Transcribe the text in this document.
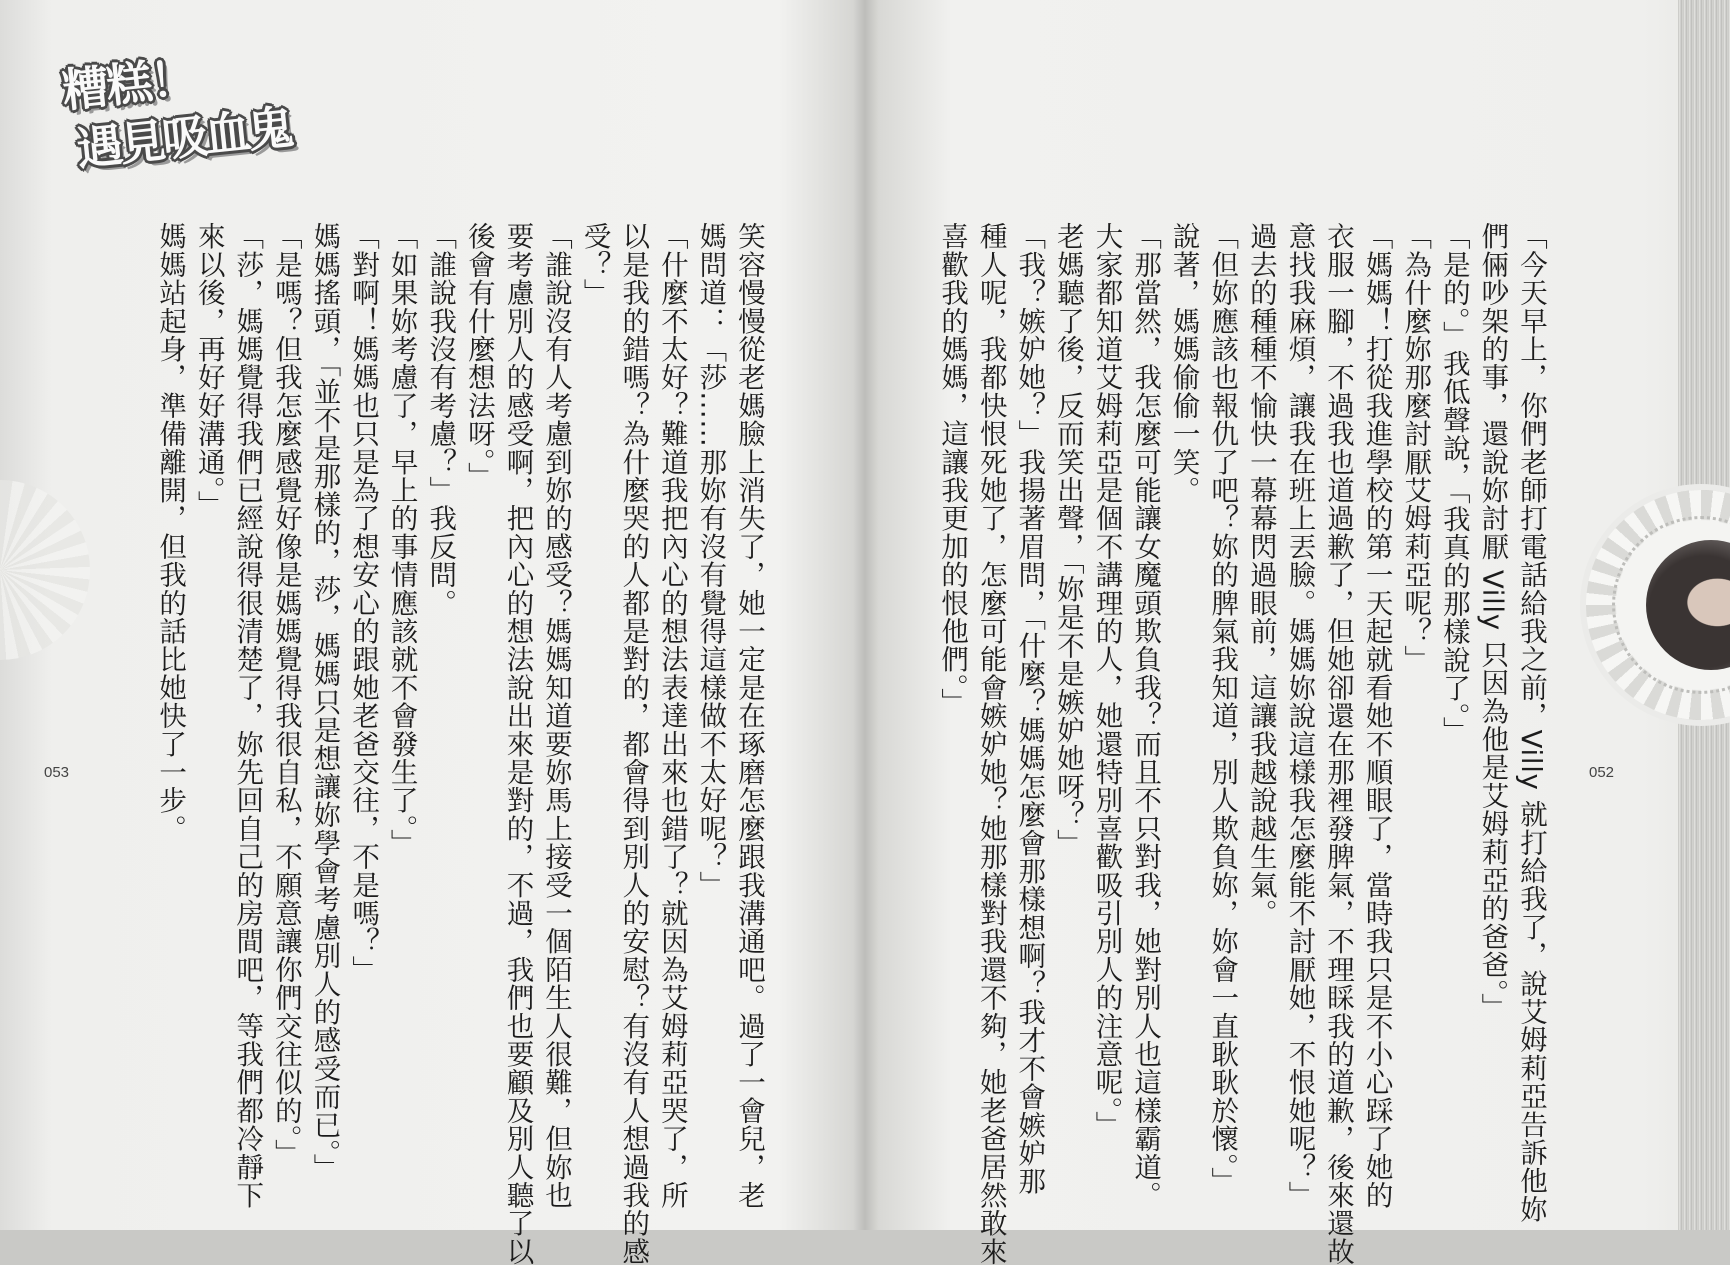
糟糕！
遇見吸血鬼

笑容慢慢從老媽臉上消失了，她一定是在琢磨怎麼跟我溝通吧。過了一會兒，老

媽問道：「莎……那妳有沒有覺得這樣做不太好呢？」

「什麼不太好？難道我把內心的想法表達出來也錯了？就因為艾姆莉亞哭了，所

以是我的錯嗎？為什麼哭的人都是對的，都會得到別人的安慰？有沒有人想過我的感

受？」

「誰說沒有人考慮到妳的感受？媽媽知道要妳馬上接受一個陌生人很難，但妳也

要考慮別人的感受啊，把內心的想法說出來是對的，不過，我們也要顧及別人聽了以

後會有什麼想法呀。」

「誰說我沒有考慮？」我反問。

「如果妳考慮了，早上的事情應該就不會發生了。」

「對啊！媽媽也只是為了想安心的跟她老爸交往，不是嗎？」

媽媽搖頭，「並不是那樣的，莎，媽媽只是想讓妳學會考慮別人的感受而已。」

「是嗎？但我怎麼感覺好像是媽媽覺得我很自私，不願意讓你們交往似的。」

「莎，媽媽覺得我們已經說得很清楚了，妳先回自己的房間吧，等我們都冷靜下

來以後，再好好溝通。」

媽媽站起身，準備離開，但我的話比她快了一步。

053	「今天早上，你們老師打電話給我之前，Villy 就打給我了，說艾姆莉亞告訴他妳

們倆吵架的事，還說妳討厭 Villy 只因為他是艾姆莉亞的爸爸。」

「是的。」我低聲說，「我真的那樣說了。」

「為什麼妳那麼討厭艾姆莉亞呢？」

「媽媽！打從我進學校的第一天起就看她不順眼了，當時我只是不小心踩了她的

衣服一腳，不過我也道過歉了，但她卻還在那裡發脾氣，不理睬我的道歉，後來還故

意找我麻煩，讓我在班上丟臉。媽媽妳說這樣我怎麼能不討厭她，不恨她呢？」

過去的種種不愉快一幕幕閃過眼前，這讓我越說越生氣。

「但妳應該也報仇了吧？妳的脾氣我知道，別人欺負妳，妳會一直耿耿於懷。」

說著，媽媽偷偷一笑。

「那當然，我怎麼可能讓女魔頭欺負我？而且不只對我，她對別人也這樣霸道。

大家都知道艾姆莉亞是個不講理的人，她還特別喜歡吸引別人的注意呢。」

老媽聽了後，反而笑出聲，「妳是不是嫉妒她呀？」

「我？嫉妒她？」我揚著眉問，「什麼？媽媽怎麼會那樣想啊？我才不會嫉妒那

種人呢，我都快恨死她了，怎麼可能會嫉妒她？她那樣對我還不夠，她老爸居然敢來

喜歡我的媽媽，這讓我更加的恨他們。」

052
